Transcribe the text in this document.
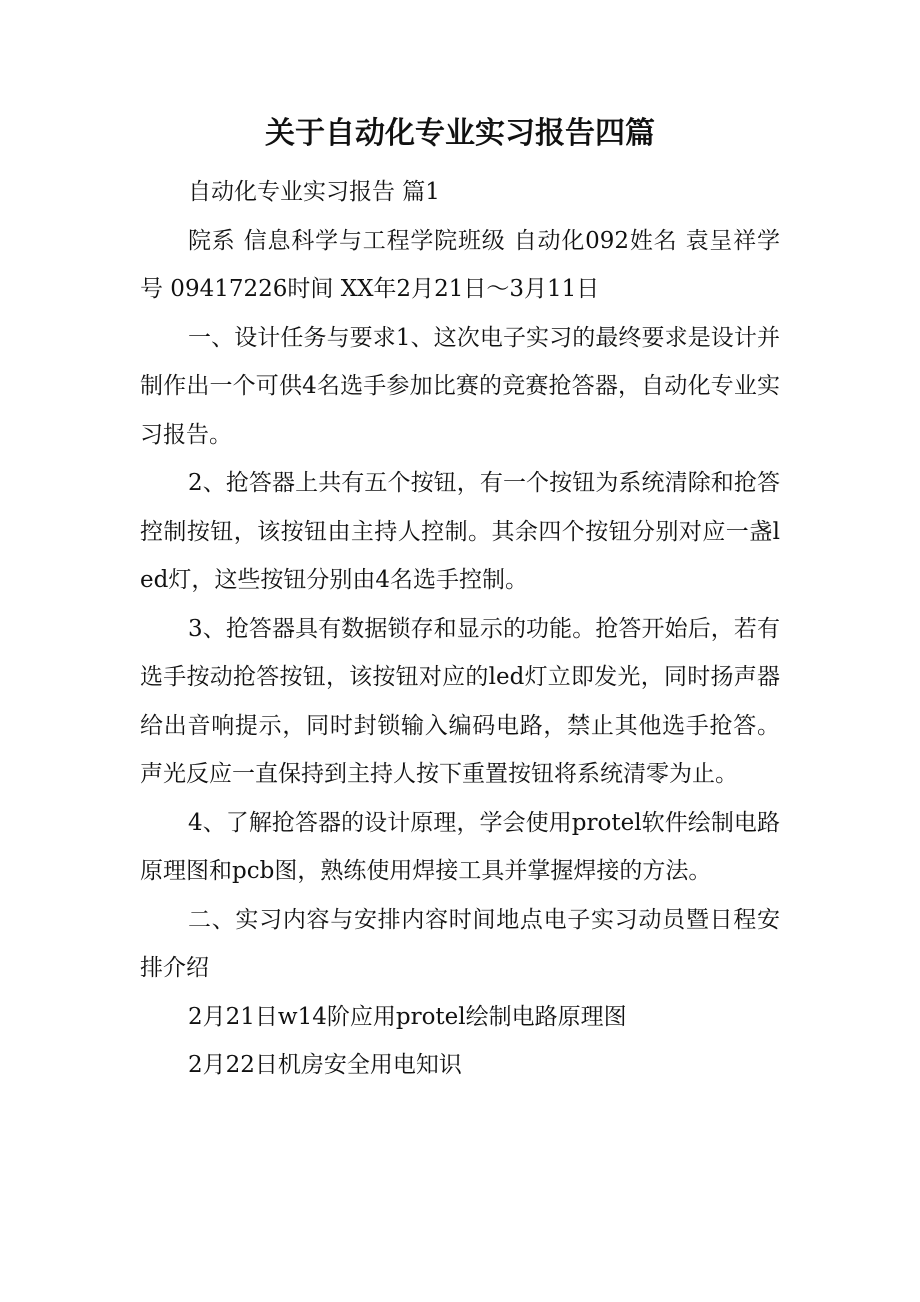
关于自动化专业实习报告四篇

自动化专业实习报告 篇1

院系 信息科学与工程学院班级 自动化092姓名 袁呈祥学号 09417226时间 XX年2月21日～3月11日

一、设计任务与要求1、这次电子实习的最终要求是设计并制作出一个可供4名选手参加比赛的竞赛抢答器，自动化专业实习报告。

2、抢答器上共有五个按钮，有一个按钮为系统清除和抢答控制按钮，该按钮由主持人控制。其余四个按钮分别对应一盏led灯，这些按钮分别由4名选手控制。

3、抢答器具有数据锁存和显示的功能。抢答开始后，若有选手按动抢答按钮，该按钮对应的led灯立即发光，同时扬声器给出音响提示，同时封锁输入编码电路，禁止其他选手抢答。声光反应一直保持到主持人按下重置按钮将系统清零为止。

4、了解抢答器的设计原理，学会使用protel软件绘制电路原理图和pcb图，熟练使用焊接工具并掌握焊接的方法。

二、实习内容与安排内容时间地点电子实习动员暨日程安排介绍

2月21日w14阶应用protel绘制电路原理图

2月22日机房安全用电知识
